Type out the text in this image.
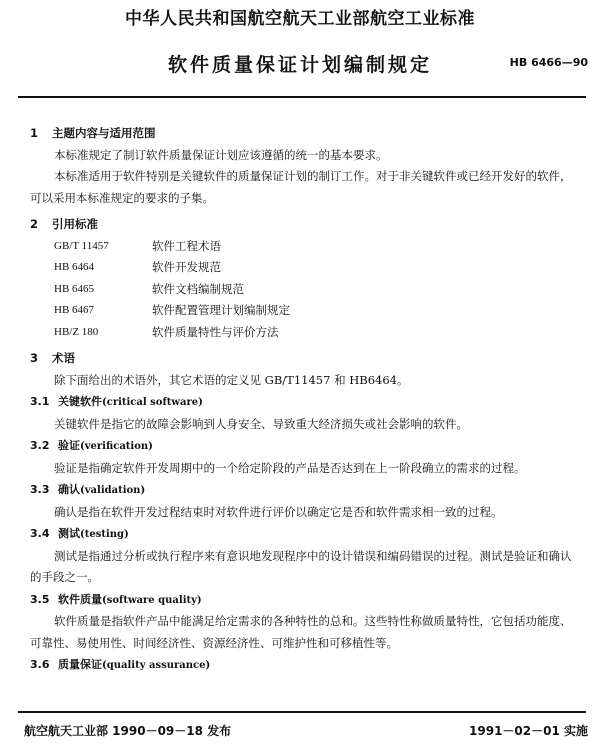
中华人民共和国航空航天工业部航空工业标准
软件质量保证计划编制规定	HB 6466—90
1 主题内容与适用范围
本标准规定了制订软件质量保证计划应该遵循的统一的基本要求。
本标准适用于软件特别是关键软件的质量保证计划的制订工作。对于非关键软件或已经开发好的软件，可以采用本标准规定的要求的子集。
2 引用标准
GB/T 11457	软件工程术语
HB 6464	软件开发规范
HB 6465	软件文档编制规范
HB 6467	软件配置管理计划编制规定
HB/Z 180	软件质量特性与评价方法
3 术语
除下面给出的术语外，其它术语的定义见 GB/T11457 和 HB6464。
3.1 关键软件(critical software)
关键软件是指它的故障会影响到人身安全、导致重大经济损失或社会影响的软件。
3.2 验证(verification)
验证是指确定软件开发周期中的一个给定阶段的产品是否达到在上一阶段确立的需求的过程。
3.3 确认(validation)
确认是指在软件开发过程结束时对软件进行评价以确定它是否和软件需求相一致的过程。
3.4 测试(testing)
测试是指通过分析或执行程序来有意识地发现程序中的设计错误和编码错误的过程。测试是验证和确认的手段之一。
3.5 软件质量(software quality)
软件质量是指软件产品中能满足给定需求的各种特性的总和。这些特性称做质量特性，它包括功能度、可靠性、易使用性、时间经济性、资源经济性、可维护性和可移植性等。
3.6 质量保证(quality assurance)
航空航天工业部 1990－09－18 发布	1991－02－01 实施
